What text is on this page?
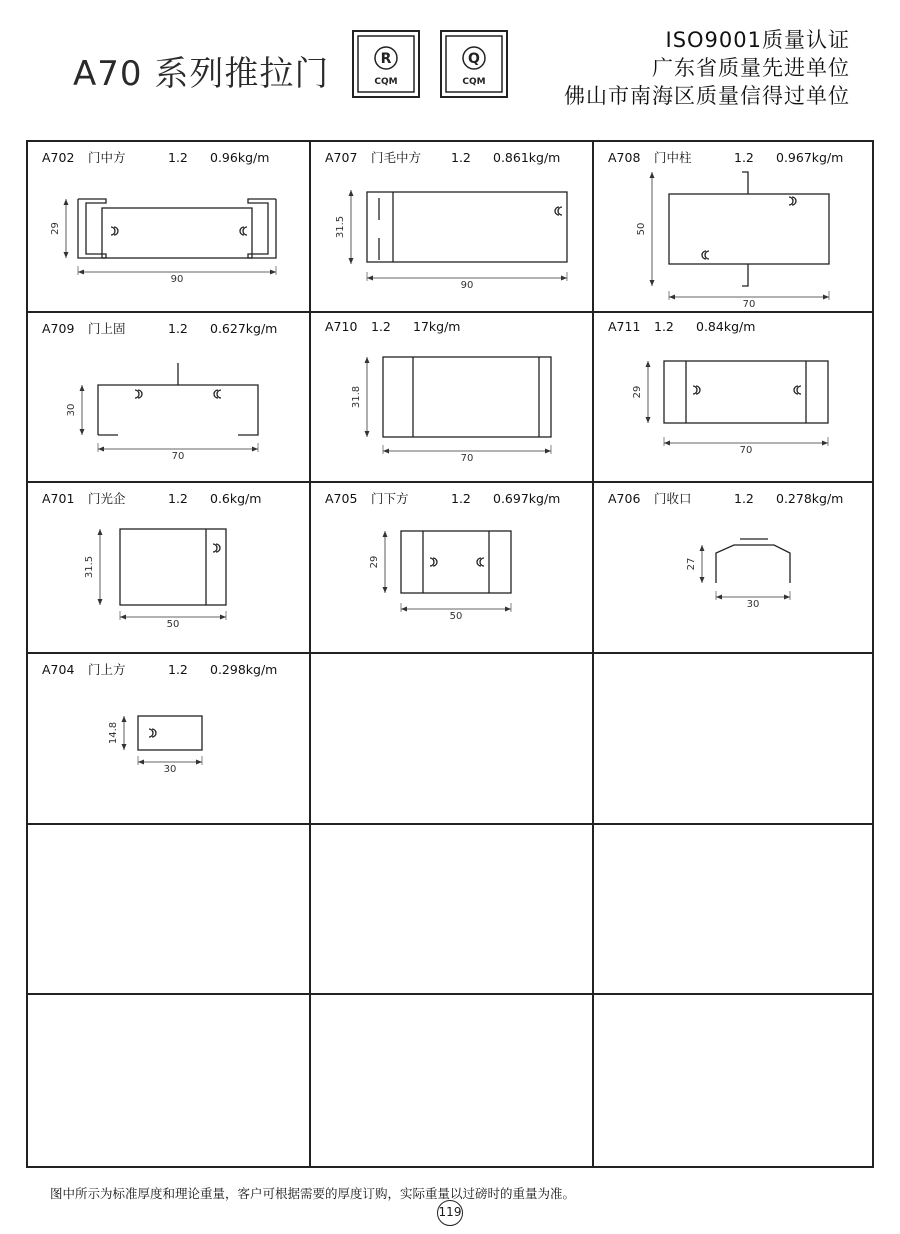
A70 系列推拉门	R
CQM
Q
CQM
ISO9001质量认证
广东省质量先进单位
佛山市南海区质量信得过单位
A702 门中方	1.2 0.96kg/m
29
90
A707 门毛中方 1.2 0.861kg/m
31.5
90
A708 门中柱	1.2 0.967kg/m
50
70
A709 门上固	1.2 0.627kg/m
30
70
A710 1.2 17kg/m
31.8
70
A711 1.2 0.84kg/m
29
70
A701 门光企	1.2 0.6kg/m
31.5
50
A705 门下方	1.2 0.697kg/m
29
50
A706 门收口	1.2 0.278kg/m
27
30
A704 门上方	1.2 0.298kg/m
14.8
30
图中所示为标准厚度和理论重量，客户可根据需要的厚度订购，实际重量以过磅时的重量为准。
119
